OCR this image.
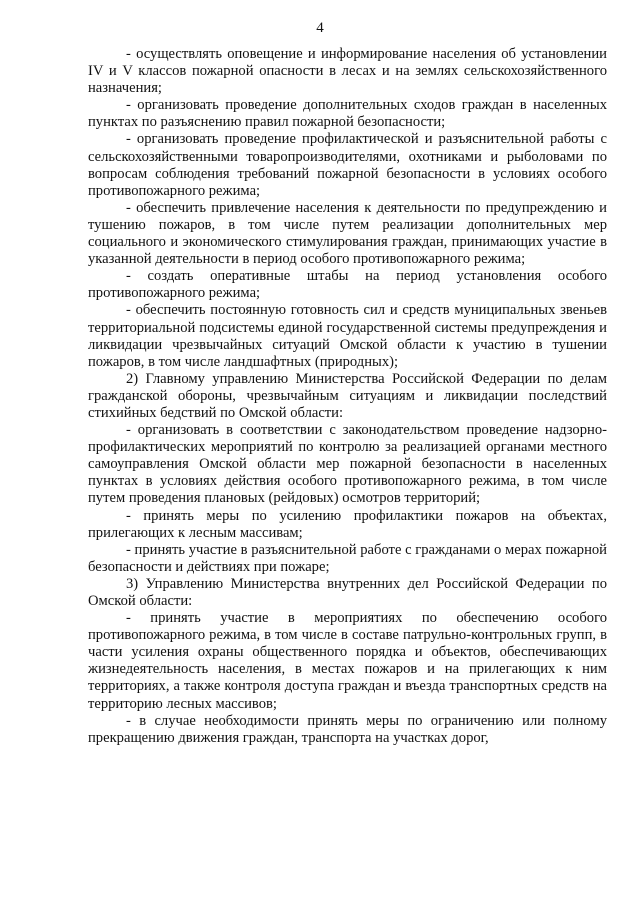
4

- осуществлять оповещение и информирование населения об установлении IV и V классов пожарной опасности в лесах и на землях сельскохозяйственного назначения;

- организовать проведение дополнительных сходов граждан в населенных пунктах по разъяснению правил пожарной безопасности;

- организовать проведение профилактической и разъяснительной работы с сельскохозяйственными товаропроизводителями, охотниками и рыболовами по вопросам соблюдения требований пожарной безопасности в условиях особого противопожарного режима;

- обеспечить привлечение населения к деятельности по предупреждению и тушению пожаров, в том числе путем реализации дополнительных мер социального и экономического стимулирования граждан, принимающих участие в указанной деятельности в период особого противопожарного режима;

- создать оперативные штабы на период установления особого противопожарного режима;

- обеспечить постоянную готовность сил и средств муниципальных звеньев территориальной подсистемы единой государственной системы предупреждения и ликвидации чрезвычайных ситуаций Омской области к участию в тушении пожаров, в том числе ландшафтных (природных);

2) Главному управлению Министерства Российской Федерации по делам гражданской обороны, чрезвычайным ситуациям и ликвидации последствий стихийных бедствий по Омской области:

- организовать в соответствии с законодательством проведение надзорно-профилактических мероприятий по контролю за реализацией органами местного самоуправления Омской области мер пожарной безопасности в населенных пунктах в условиях действия особого противопожарного режима, в том числе путем проведения плановых (рейдовых) осмотров территорий;

- принять меры по усилению профилактики пожаров на объектах, прилегающих к лесным массивам;

- принять участие в разъяснительной работе с гражданами о мерах пожарной безопасности и действиях при пожаре;

3) Управлению Министерства внутренних дел Российской Федерации по Омской области:

- принять участие в мероприятиях по обеспечению особого противопожарного режима, в том числе в составе патрульно-контрольных групп, в части усиления охраны общественного порядка и объектов, обеспечивающих жизнедеятельность населения, в местах пожаров и на прилегающих к ним территориях, а также контроля доступа граждан и въезда транспортных средств на территорию лесных массивов;

- в случае необходимости принять меры по ограничению или полному прекращению движения граждан, транспорта на участках дорог,
